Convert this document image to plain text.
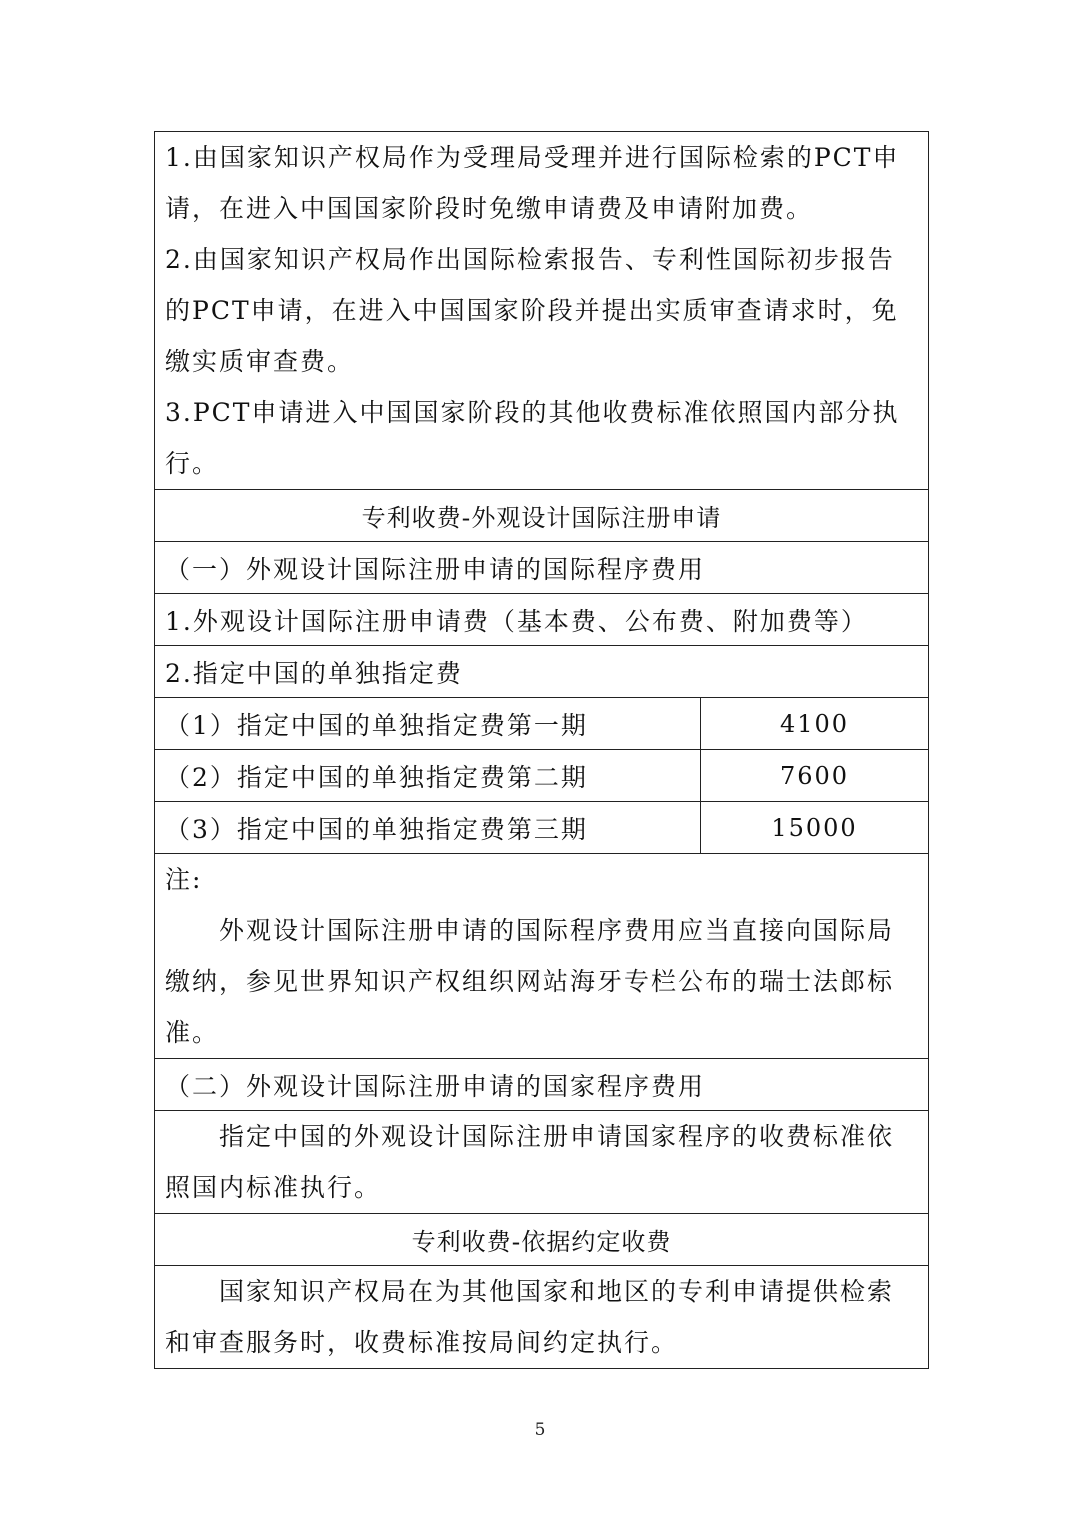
1.由国家知识产权局作为受理局受理并进行国际检索的PCT申请，在进入中国国家阶段时免缴申请费及申请附加费。

2.由国家知识产权局作出国际检索报告、专利性国际初步报告的PCT申请，在进入中国国家阶段并提出实质审查请求时，免缴实质审查费。

3.PCT申请进入中国国家阶段的其他收费标准依照国内部分执行。	

专利收费-外观设计国际注册申请	
（一）外观设计国际注册申请的国际程序费用	
1.外观设计国际注册申请费（基本费、公布费、附加费等）	
2.指定中国的单独指定费	
（1）指定中国的单独指定费第一期	4100
（2）指定中国的单独指定费第二期	7600
（3）指定中国的单独指定费第三期	15000

注:

外观设计国际注册申请的国际程序费用应当直接向国际局缴纳，参见世界知识产权组织网站海牙专栏公布的瑞士法郎标准。	

（二）外观设计国际注册申请的国家程序费用	
指定中国的外观设计国际注册申请国家程序的收费标准依照国内标准执行。	
专利收费-依据约定收费	
国家知识产权局在为其他国家和地区的专利申请提供检索和审查服务时，收费标准按局间约定执行。	
5
